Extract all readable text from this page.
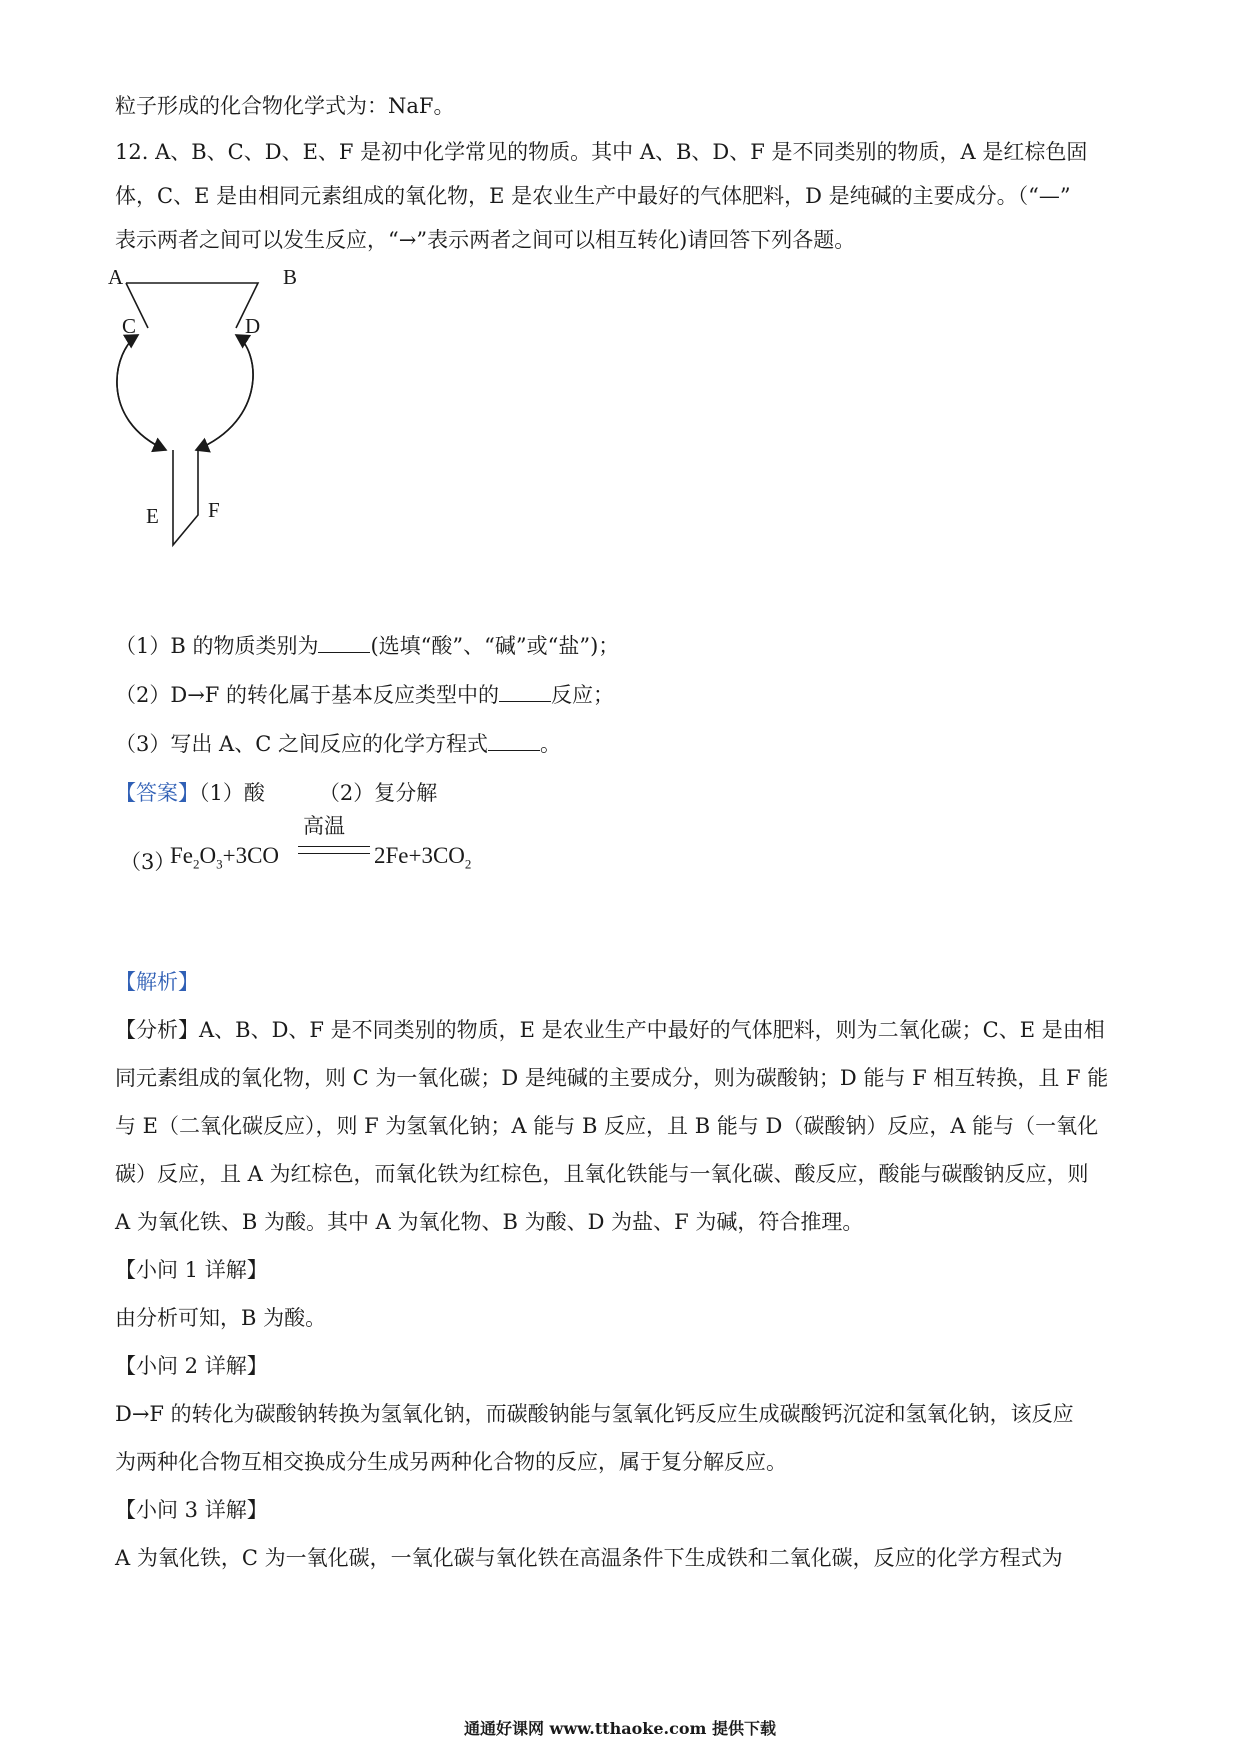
粒子形成的化合物化学式为：NaF。
12. A、B、C、D、E、F 是初中化学常见的物质。其中 A、B、D、F 是不同类别的物质，A 是红棕色固
体，C、E 是由相同元素组成的氧化物，E 是农业生产中最好的气体肥料，D 是纯碱的主要成分。（“—”
表示两者之间可以发生反应，“→”表示两者之间可以相互转化)请回答下列各题。
A	B
C	D
E F
（1）B 的物质类别为 (选填“酸”、“碱”或“盐”)；
（2）D→F 的转化属于基本反应类型中的 反应；
（3）写出 A、C 之间反应的化学方程式 。
【答案】（1）酸	（2）复分解
（3）
$Fe_2O_3+3CO$
高温
$2Fe+3CO_2$
【解析】
【分析】A、B、D、F 是不同类别的物质，E 是农业生产中最好的气体肥料，则为二氧化碳；C、E 是由相
同元素组成的氧化物，则 C 为一氧化碳；D 是纯碱的主要成分，则为碳酸钠；D 能与 F 相互转换，且 F 能
与 E（二氧化碳反应），则 F 为氢氧化钠；A 能与 B 反应，且 B 能与 D（碳酸钠）反应，A 能与（一氧化
碳）反应，且 A 为红棕色，而氧化铁为红棕色，且氧化铁能与一氧化碳、酸反应，酸能与碳酸钠反应，则
A 为氧化铁、B 为酸。其中 A 为氧化物、B 为酸、D 为盐、F 为碱，符合推理。
【小问 1 详解】
由分析可知，B 为酸。
【小问 2 详解】
D→F 的转化为碳酸钠转换为氢氧化钠，而碳酸钠能与氢氧化钙反应生成碳酸钙沉淀和氢氧化钠，该反应
为两种化合物互相交换成分生成另两种化合物的反应，属于复分解反应。
【小问 3 详解】
A 为氧化铁，C 为一氧化碳，一氧化碳与氧化铁在高温条件下生成铁和二氧化碳，反应的化学方程式为
通通好课网 www.tthaoke.com 提供下载
